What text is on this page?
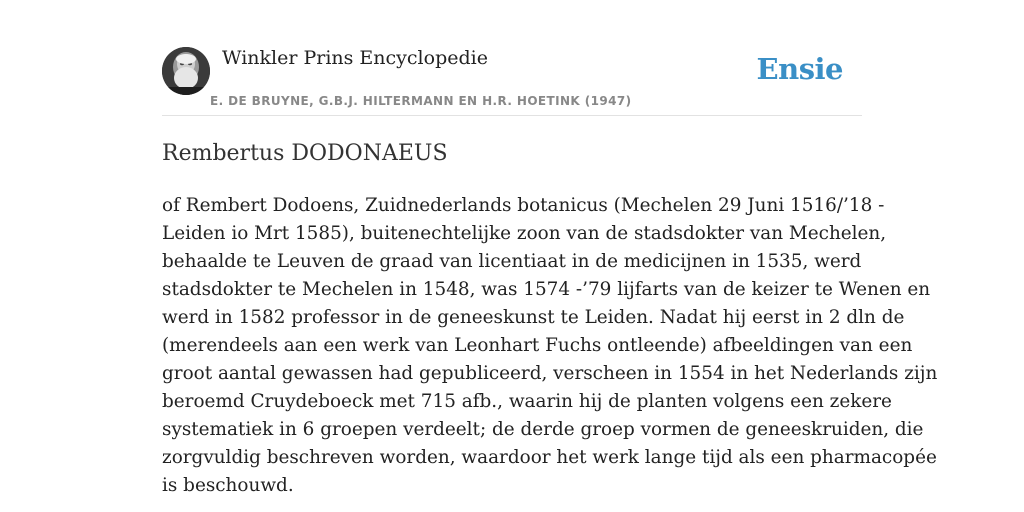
Winkler Prins Encyclopedie
E. DE BRUYNE, G.B.J. HILTERMANN EN H.R. HOETINK (1947)
Ensie
Rembertus DODONAEUS

of Rembert Dodoens, Zuidnederlands botanicus (Mechelen 29 Juni 1516/’18 -
Leiden io Mrt 1585), buitenechtelijke zoon van de stadsdokter van Mechelen,
behaalde te Leuven de graad van licentiaat in de medicijnen in 1535, werd
stadsdokter te Mechelen in 1548, was 1574 -’79 lijfarts van de keizer te Wenen en
werd in 1582 professor in de geneeskunst te Leiden. Nadat hij eerst in 2 dln de
(merendeels aan een werk van Leonhart Fuchs ontleende) afbeeldingen van een
groot aantal gewassen had gepubliceerd, verscheen in 1554 in het Nederlands zijn
beroemd Cruydeboeck met 715 afb., waarin hij de planten volgens een zekere
systematiek in 6 groepen verdeelt; de derde groep vormen de geneeskruiden, die
zorgvuldig beschreven worden, waardoor het werk lange tijd als een pharmacopée
is beschouwd.
